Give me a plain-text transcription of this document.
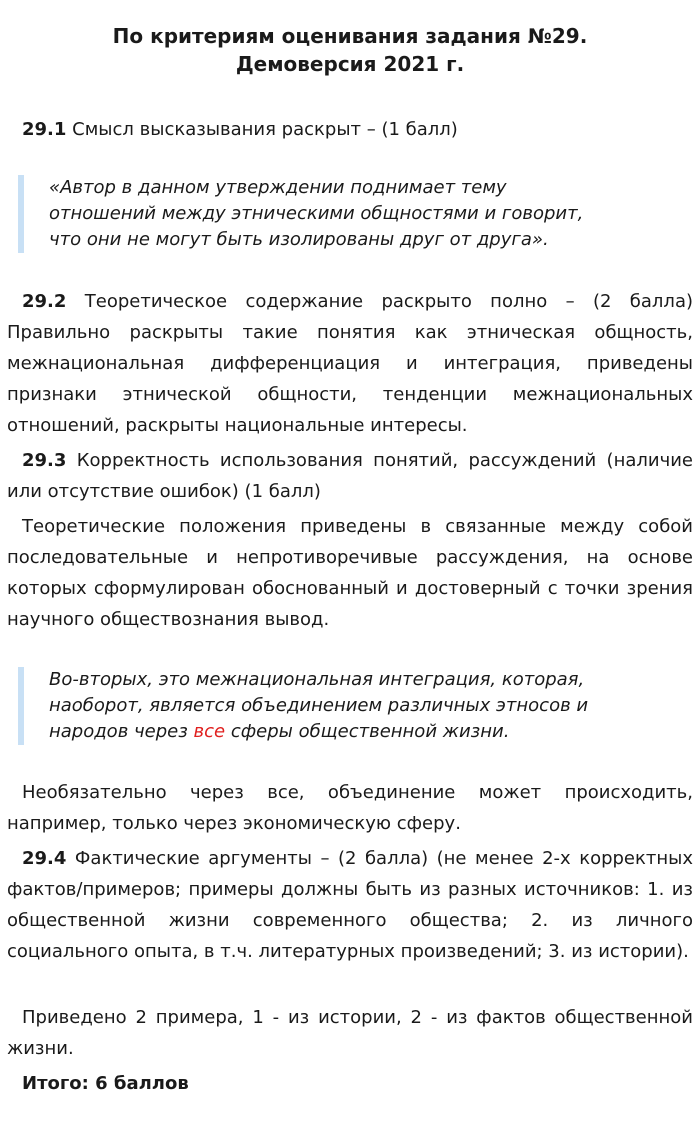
По критериям оценивания задания №29.
Демоверсия 2021 г.
29.1 Смысл высказывания раскрыт – (1 балл)
«Автор в данном утверждении поднимает тему
отношений между этническими общностями и говорит,
что они не могут быть изолированы друг от друга».
29.2 Теоретическое содержание раскрыто полно – (2 балла) Правильно раскрыты такие понятия как этническая общность, межнациональная дифференциация и интеграция, приведены признаки этнической общности, тенденции межнациональных отношений, раскрыты национальные интересы.
29.3 Корректность использования понятий, рассуждений (наличие или отсутствие ошибок) (1 балл)
Теоретические положения приведены в связанные между собой последовательные и непротиворечивые рассуждения, на основе которых сформулирован обоснованный и достоверный с точки зрения научного обществознания вывод.
Во-вторых, это межнациональная интеграция, которая,
наоборот, является объединением различных этносов и
народов через все сферы общественной жизни.
Необязательно через все, объединение может происходить, например, только через экономическую сферу.
29.4 Фактические аргументы – (2 балла) (не менее 2-х корректных фактов/примеров; примеры должны быть из разных источников: 1. из общественной жизни современного общества; 2. из личного социального опыта, в т.ч. литературных произведений; 3. из истории).
Приведено 2 примера, 1 - из истории, 2 - из фактов общественной жизни.
Итого: 6 баллов
